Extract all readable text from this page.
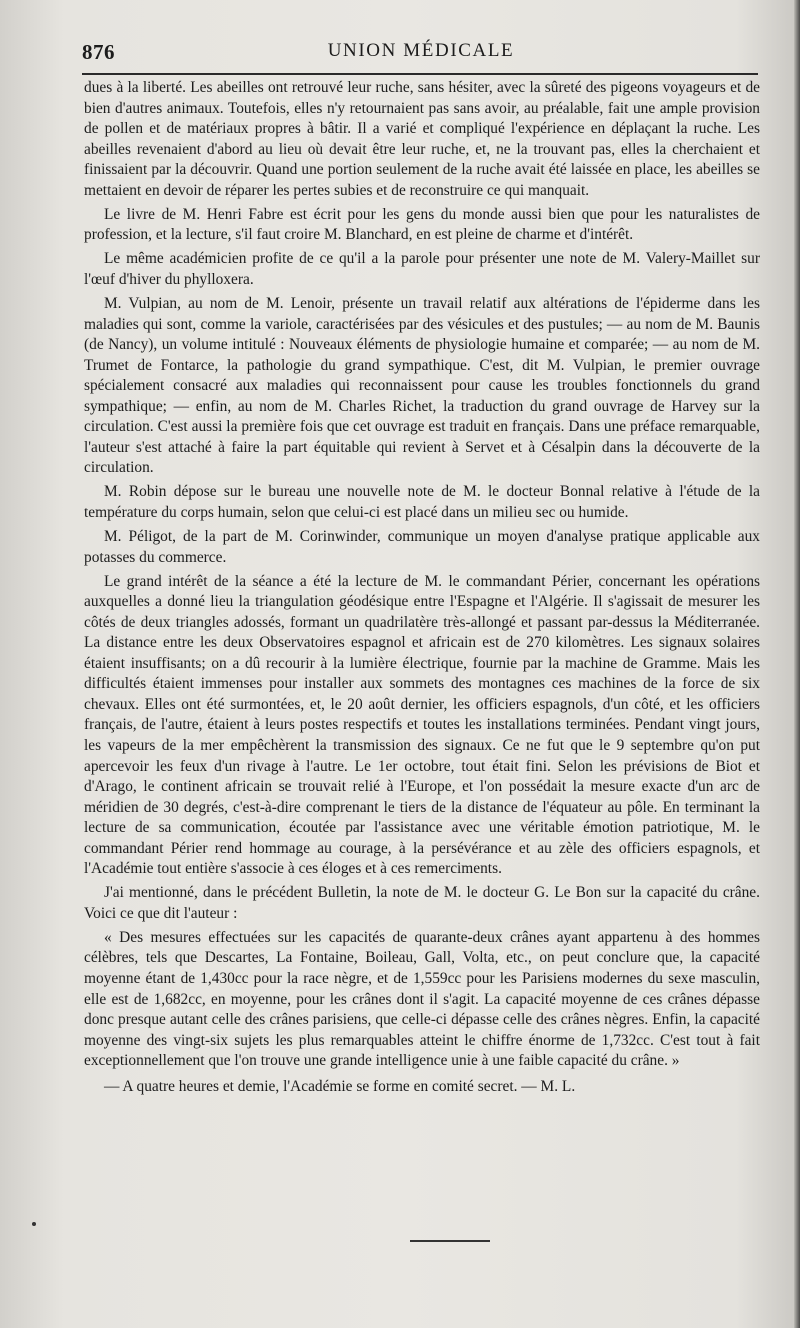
876	UNION MÉDICALE

dues à la liberté. Les abeilles ont retrouvé leur ruche, sans hésiter, avec la sûreté des pigeons voyageurs et de bien d'autres animaux. Toutefois, elles n'y retournaient pas sans avoir, au préalable, fait une ample provision de pollen et de matériaux propres à bâtir. Il a varié et compliqué l'expérience en déplaçant la ruche. Les abeilles revenaient d'abord au lieu où devait être leur ruche, et, ne la trouvant pas, elles la cherchaient et finissaient par la découvrir. Quand une portion seulement de la ruche avait été laissée en place, les abeilles se mettaient en devoir de réparer les pertes subies et de reconstruire ce qui manquait.

Le livre de M. Henri Fabre est écrit pour les gens du monde aussi bien que pour les naturalistes de profession, et la lecture, s'il faut croire M. Blanchard, en est pleine de charme et d'intérêt.

Le même académicien profite de ce qu'il a la parole pour présenter une note de M. Valery-Maillet sur l'œuf d'hiver du phylloxera.

M. Vulpian, au nom de M. Lenoir, présente un travail relatif aux altérations de l'épiderme dans les maladies qui sont, comme la variole, caractérisées par des vésicules et des pustules; — au nom de M. Baunis (de Nancy), un volume intitulé : Nouveaux éléments de physiologie humaine et comparée; — au nom de M. Trumet de Fontarce, la pathologie du grand sympathique. C'est, dit M. Vulpian, le premier ouvrage spécialement consacré aux maladies qui reconnaissent pour cause les troubles fonctionnels du grand sympathique; — enfin, au nom de M. Charles Richet, la traduction du grand ouvrage de Harvey sur la circulation. C'est aussi la première fois que cet ouvrage est traduit en français. Dans une préface remarquable, l'auteur s'est attaché à faire la part équitable qui revient à Servet et à Césalpin dans la découverte de la circulation.

M. Robin dépose sur le bureau une nouvelle note de M. le docteur Bonnal relative à l'étude de la température du corps humain, selon que celui-ci est placé dans un milieu sec ou humide.

M. Péligot, de la part de M. Corinwinder, communique un moyen d'analyse pratique applicable aux potasses du commerce.

Le grand intérêt de la séance a été la lecture de M. le commandant Périer, concernant les opérations auxquelles a donné lieu la triangulation géodésique entre l'Espagne et l'Algérie. Il s'agissait de mesurer les côtés de deux triangles adossés, formant un quadrilatère très-allongé et passant par-dessus la Méditerranée. La distance entre les deux Observatoires espagnol et africain est de 270 kilomètres. Les signaux solaires étaient insuffisants; on a dû recourir à la lumière électrique, fournie par la machine de Gramme. Mais les difficultés étaient immenses pour installer aux sommets des montagnes ces machines de la force de six chevaux. Elles ont été surmontées, et, le 20 août dernier, les officiers espagnols, d'un côté, et les officiers français, de l'autre, étaient à leurs postes respectifs et toutes les installations terminées. Pendant vingt jours, les vapeurs de la mer empêchèrent la transmission des signaux. Ce ne fut que le 9 septembre qu'on put apercevoir les feux d'un rivage à l'autre. Le 1er octobre, tout était fini. Selon les prévisions de Biot et d'Arago, le continent africain se trouvait relié à l'Europe, et l'on possédait la mesure exacte d'un arc de méridien de 30 degrés, c'est-à-dire comprenant le tiers de la distance de l'équateur au pôle. En terminant la lecture de sa communication, écoutée par l'assistance avec une véritable émotion patriotique, M. le commandant Périer rend hommage au courage, à la persévérance et au zèle des officiers espagnols, et l'Académie tout entière s'associe à ces éloges et à ces remerciments.

J'ai mentionné, dans le précédent Bulletin, la note de M. le docteur G. Le Bon sur la capacité du crâne. Voici ce que dit l'auteur :

« Des mesures effectuées sur les capacités de quarante-deux crânes ayant appartenu à des hommes célèbres, tels que Descartes, La Fontaine, Boileau, Gall, Volta, etc., on peut conclure que, la capacité moyenne étant de 1,430cc pour la race nègre, et de 1,559cc pour les Parisiens modernes du sexe masculin, elle est de 1,682cc, en moyenne, pour les crânes dont il s'agit. La capacité moyenne de ces crânes dépasse donc presque autant celle des crânes parisiens, que celle-ci dépasse celle des crânes nègres. Enfin, la capacité moyenne des vingt-six sujets les plus remarquables atteint le chiffre énorme de 1,732cc. C'est tout à fait exceptionnellement que l'on trouve une grande intelligence unie à une faible capacité du crâne. »

— A quatre heures et demie, l'Académie se forme en comité secret. — M. L.
